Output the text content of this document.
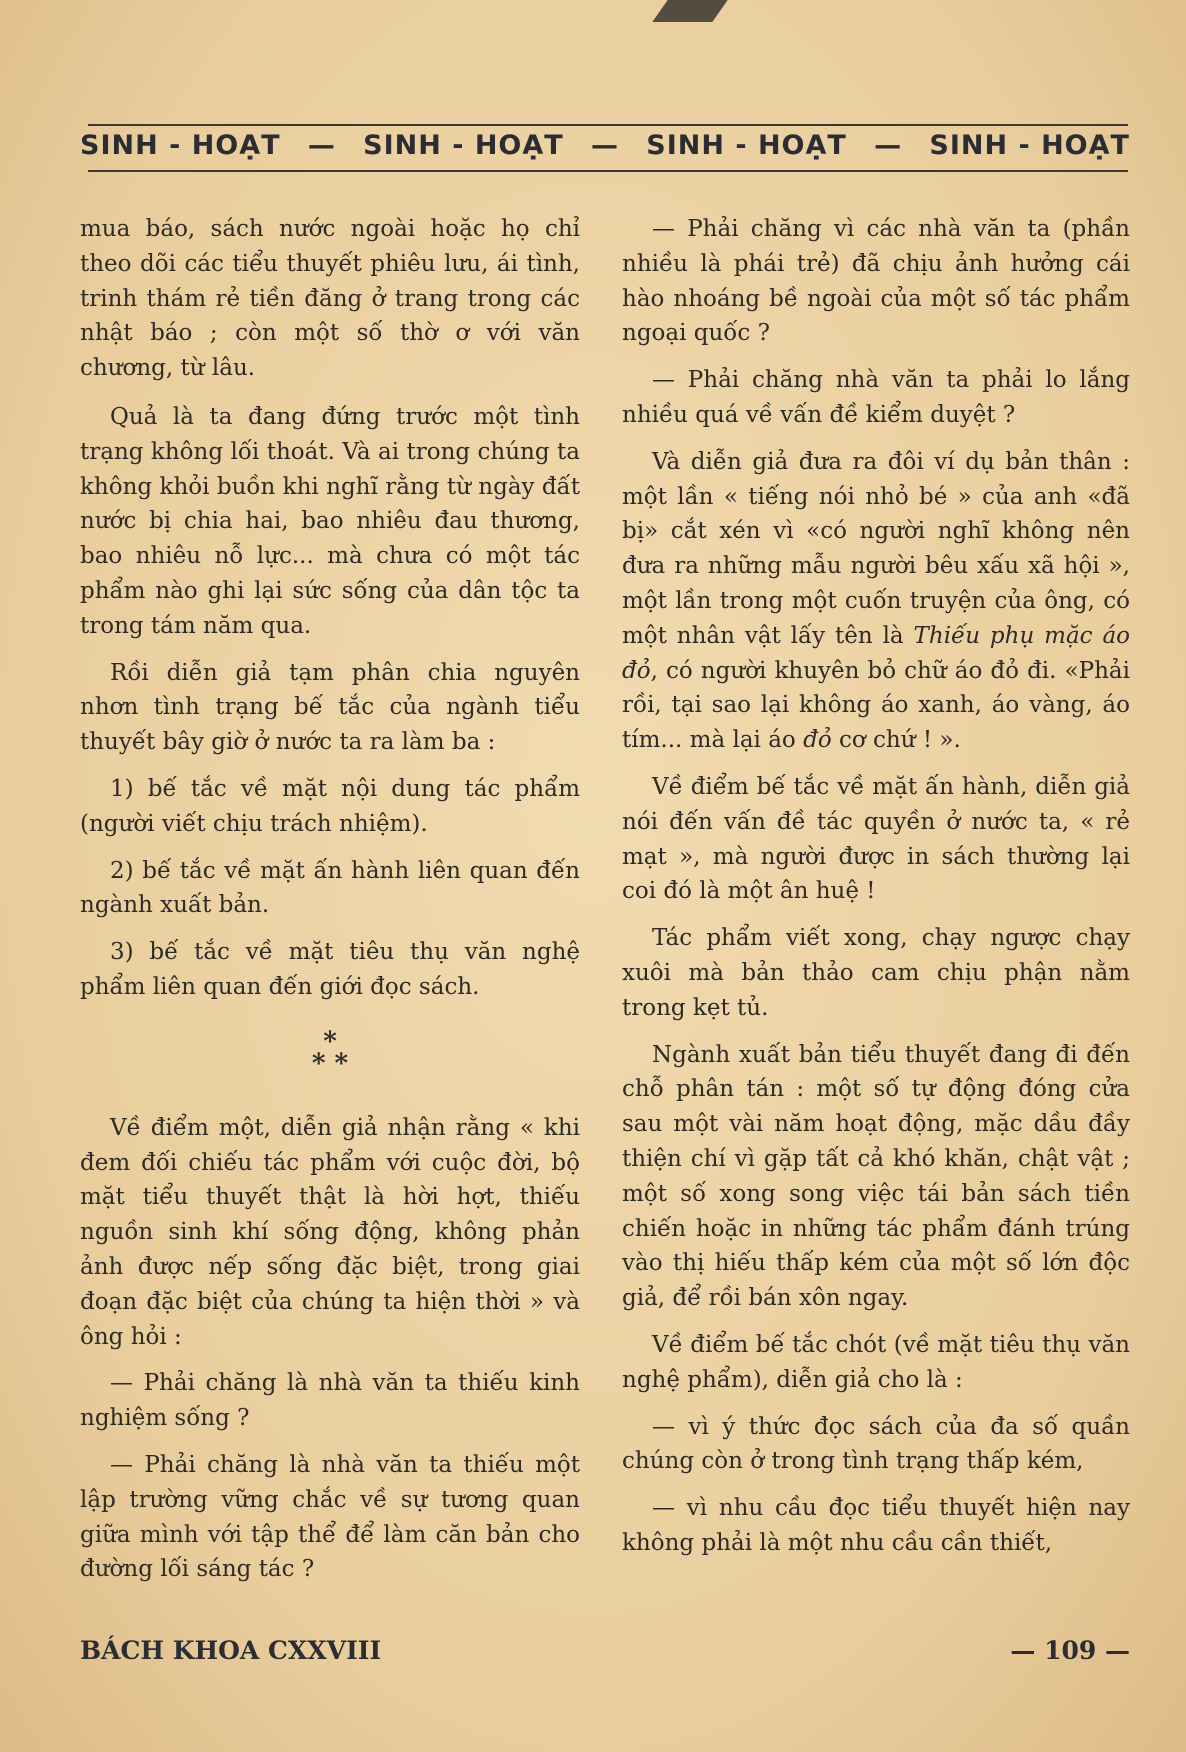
SINH - HOẠT — SINH - HOẠT — SINH - HOẠT — SINH - HOẠT

mua báo, sách nước ngoài hoặc họ chỉ theo dõi các tiểu thuyết phiêu lưu, ái tình, trinh thám rẻ tiền đăng ở trang trong các nhật báo ; còn một số thờ ơ với văn chương, từ lâu.

Quả là ta đang đứng trước một tình trạng không lối thoát. Và ai trong chúng ta không khỏi buồn khi nghĩ rằng từ ngày đất nước bị chia hai, bao nhiêu đau thương, bao nhiêu nỗ lực... mà chưa có một tác phẩm nào ghi lại sức sống của dân tộc ta trong tám năm qua.

Rồi diễn giả tạm phân chia nguyên nhơn tình trạng bế tắc của ngành tiểu thuyết bây giờ ở nước ta ra làm ba :

1) bế tắc về mặt nội dung tác phẩm (người viết chịu trách nhiệm).

2) bế tắc về mặt ấn hành liên quan đến ngành xuất bản.

3) bế tắc về mặt tiêu thụ văn nghệ phẩm liên quan đến giới đọc sách.

*
* *

Về điểm một, diễn giả nhận rằng « khi đem đối chiếu tác phẩm với cuộc đời, bộ mặt tiểu thuyết thật là hời hợt, thiếu nguồn sinh khí sống động, không phản ảnh được nếp sống đặc biệt, trong giai đoạn đặc biệt của chúng ta hiện thời » và ông hỏi :

— Phải chăng là nhà văn ta thiếu kinh nghiệm sống ?

— Phải chăng là nhà văn ta thiếu một lập trường vững chắc về sự tương quan giữa mình với tập thể để làm căn bản cho đường lối sáng tác ?

— Phải chăng vì các nhà văn ta (phần nhiều là phái trẻ) đã chịu ảnh hưởng cái hào nhoáng bề ngoài của một số tác phẩm ngoại quốc ?

— Phải chăng nhà văn ta phải lo lắng nhiều quá về vấn đề kiểm duyệt ?

Và diễn giả đưa ra đôi ví dụ bản thân : một lần « tiếng nói nhỏ bé » của anh «đã bị» cắt xén vì «có người nghĩ không nên đưa ra những mẫu người bêu xấu xã hội », một lần trong một cuốn truyện của ông, có một nhân vật lấy tên là Thiếu phụ mặc áo đỏ, có người khuyên bỏ chữ áo đỏ đi. «Phải rồi, tại sao lại không áo xanh, áo vàng, áo tím... mà lại áo đỏ cơ chứ ! ».

Về điểm bế tắc về mặt ấn hành, diễn giả nói đến vấn đề tác quyền ở nước ta, « rẻ mạt », mà người được in sách thường lại coi đó là một ân huệ !

Tác phẩm viết xong, chạy ngược chạy xuôi mà bản thảo cam chịu phận nằm trong kẹt tủ.

Ngành xuất bản tiểu thuyết đang đi đến chỗ phân tán : một số tự động đóng cửa sau một vài năm hoạt động, mặc dầu đầy thiện chí vì gặp tất cả khó khăn, chật vật ; một số xong song việc tái bản sách tiền chiến hoặc in những tác phẩm đánh trúng vào thị hiếu thấp kém của một số lớn độc giả, để rồi bán xôn ngay.

Về điểm bế tắc chót (về mặt tiêu thụ văn nghệ phẩm), diễn giả cho là :

— vì ý thức đọc sách của đa số quần chúng còn ở trong tình trạng thấp kém,

— vì nhu cầu đọc tiểu thuyết hiện nay không phải là một nhu cầu cần thiết,

BÁCH KHOA CXXVIII	— 109 —
